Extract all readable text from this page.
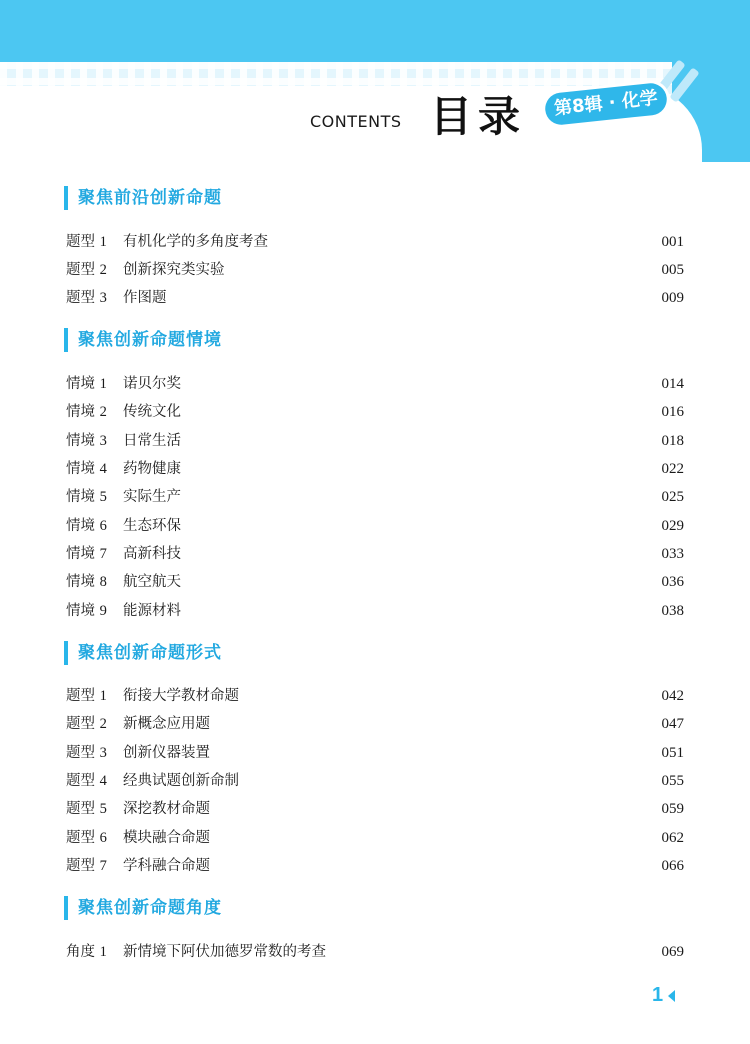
CONTENTS 目录	第8辑 · 化学
聚焦前沿创新命题
题型 1 有机化学的多角度考查	001
题型 2 创新探究类实验	005
题型 3 作图题	009
聚焦创新命题情境
情境 1 诺贝尔奖	014
情境 2 传统文化	016
情境 3 日常生活	018
情境 4 药物健康	022
情境 5 实际生产	025
情境 6 生态环保	029
情境 7 高新科技	033
情境 8 航空航天	036
情境 9 能源材料	038
聚焦创新命题形式
题型 1 衔接大学教材命题	042
题型 2 新概念应用题	047
题型 3 创新仪器装置	051
题型 4 经典试题创新命制	055
题型 5 深挖教材命题	059
题型 6 模块融合命题	062
题型 7 学科融合命题	066
聚焦创新命题角度
角度 1 新情境下阿伏加德罗常数的考查	069
1
